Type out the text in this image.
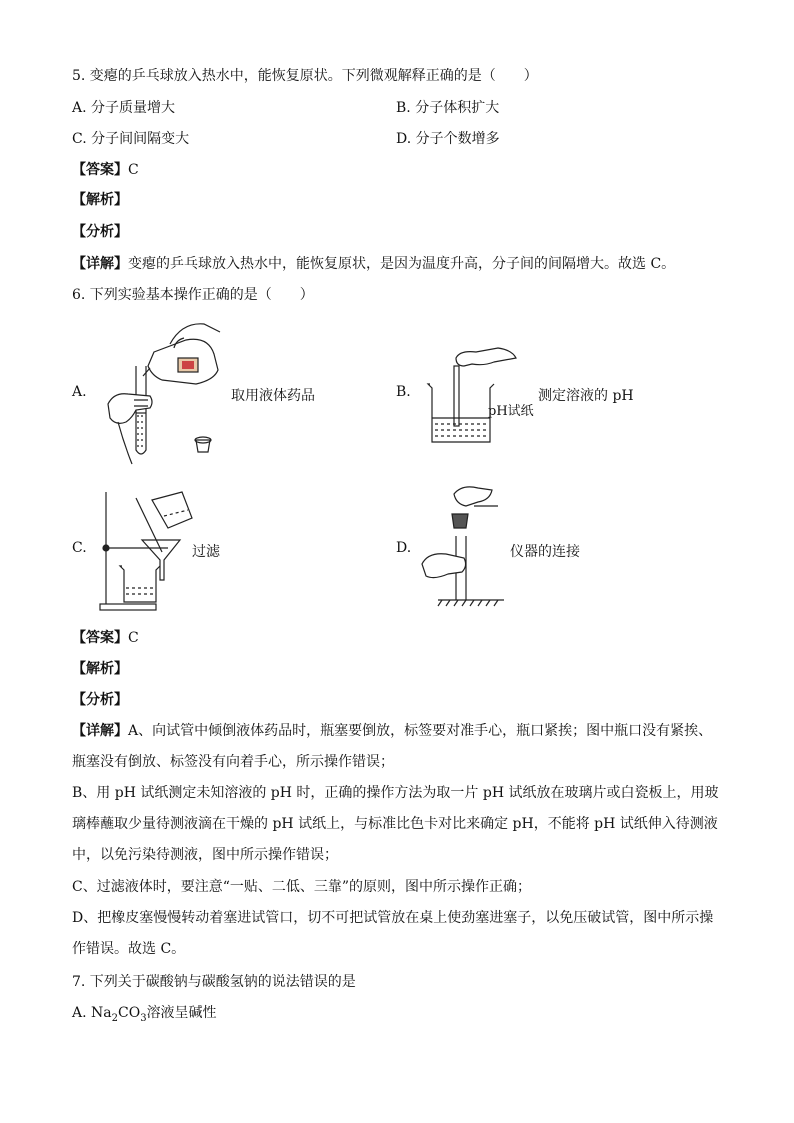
5. 变瘪的乒乓球放入热水中，能恢复原状。下列微观解释正确的是（　　）
A. 分子质量增大	B. 分子体积扩大
C. 分子间间隔变大	D. 分子个数增多
【答案】C
【解析】
【分析】
【详解】变瘪的乒乓球放入热水中，能恢复原状，是因为温度升高，分子间的间隔增大。故选 C。
6. 下列实验基本操作正确的是（　　）
A.	取用液体药品	B.
pH试纸
测定溶液的 pH
C.	过滤	D.	仪器的连接
【答案】C
【解析】
【分析】
【详解】A、向试管中倾倒液体药品时，瓶塞要倒放，标签要对准手心，瓶口紧挨；图中瓶口没有紧挨、瓶塞没有倒放、标签没有向着手心，所示操作错误；
B、用 pH 试纸测定未知溶液的 pH 时，正确的操作方法为取一片 pH 试纸放在玻璃片或白瓷板上，用玻璃棒蘸取少量待测液滴在干燥的 pH 试纸上，与标准比色卡对比来确定 pH，不能将 pH 试纸伸入待测液中，以免污染待测液，图中所示操作错误；
C、过滤液体时，要注意“一贴、二低、三靠”的原则，图中所示操作正确；
D、把橡皮塞慢慢转动着塞进试管口，切不可把试管放在桌上使劲塞进塞子，以免压破试管，图中所示操作错误。故选 C。
7. 下列关于碳酸钠与碳酸氢钠的说法错误的是
A. $Na_2CO_3$溶液呈碱性
